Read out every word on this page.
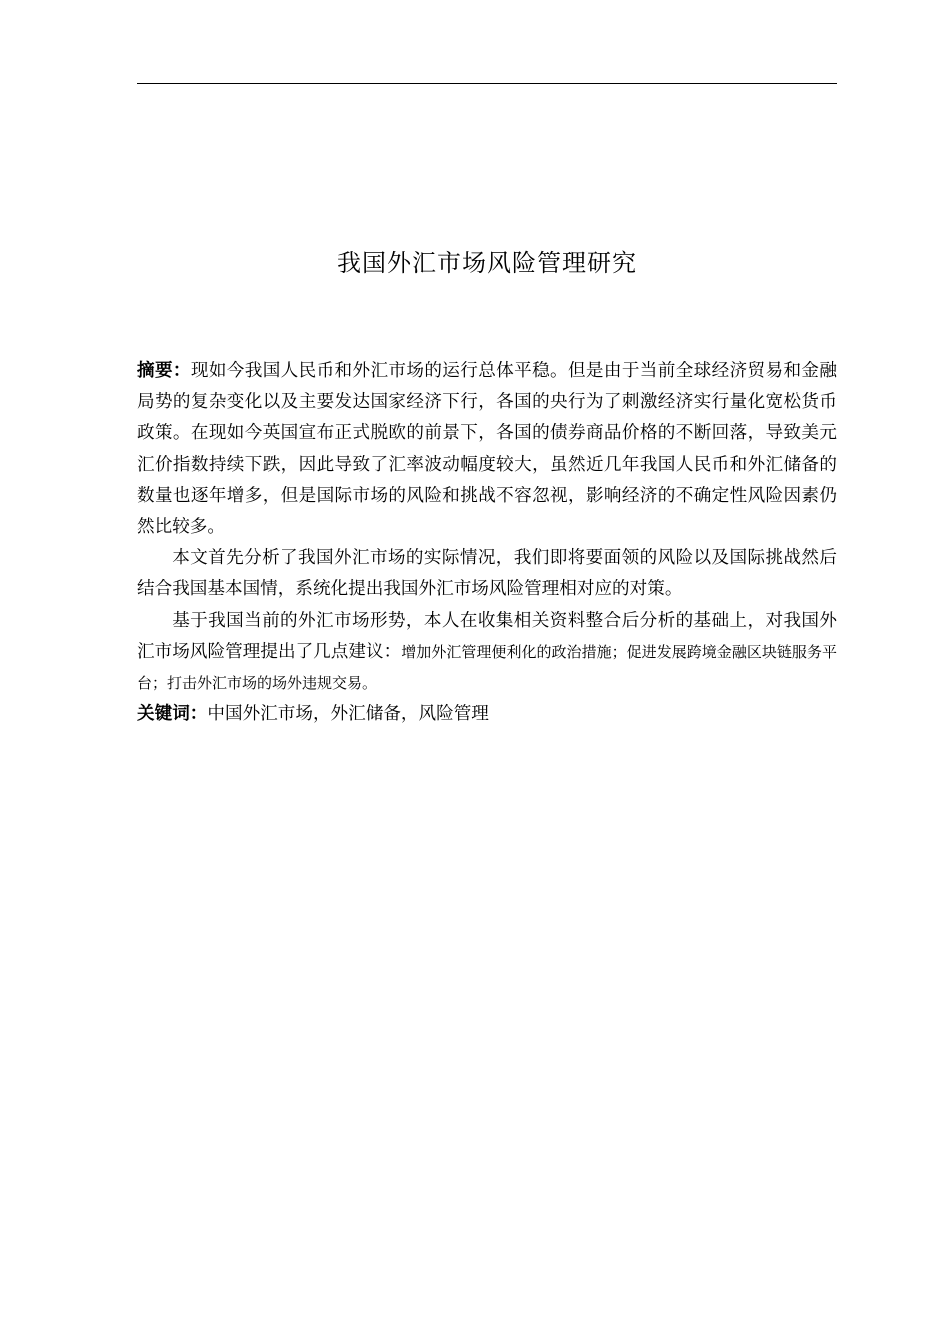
我国外汇市场风险管理研究

摘要：现如今我国人民币和外汇市场的运行总体平稳。但是由于当前全球经济贸易和金融局势的复杂变化以及主要发达国家经济下行，各国的央行为了刺激经济实行量化宽松货币政策。在现如今英国宣布正式脱欧的前景下，各国的债券商品价格的不断回落，导致美元汇价指数持续下跌，因此导致了汇率波动幅度较大，虽然近几年我国人民币和外汇储备的数量也逐年增多，但是国际市场的风险和挑战不容忽视，影响经济的不确定性风险因素仍然比较多。

本文首先分析了我国外汇市场的实际情况，我们即将要面领的风险以及国际挑战然后结合我国基本国情，系统化提出我国外汇市场风险管理相对应的对策。

基于我国当前的外汇市场形势，本人在收集相关资料整合后分析的基础上，对我国外汇市场风险管理提出了几点建议：增加外汇管理便利化的政治措施；促进发展跨境金融区块链服务平台；打击外汇市场的场外违规交易。

关键词：中国外汇市场，外汇储备，风险管理
